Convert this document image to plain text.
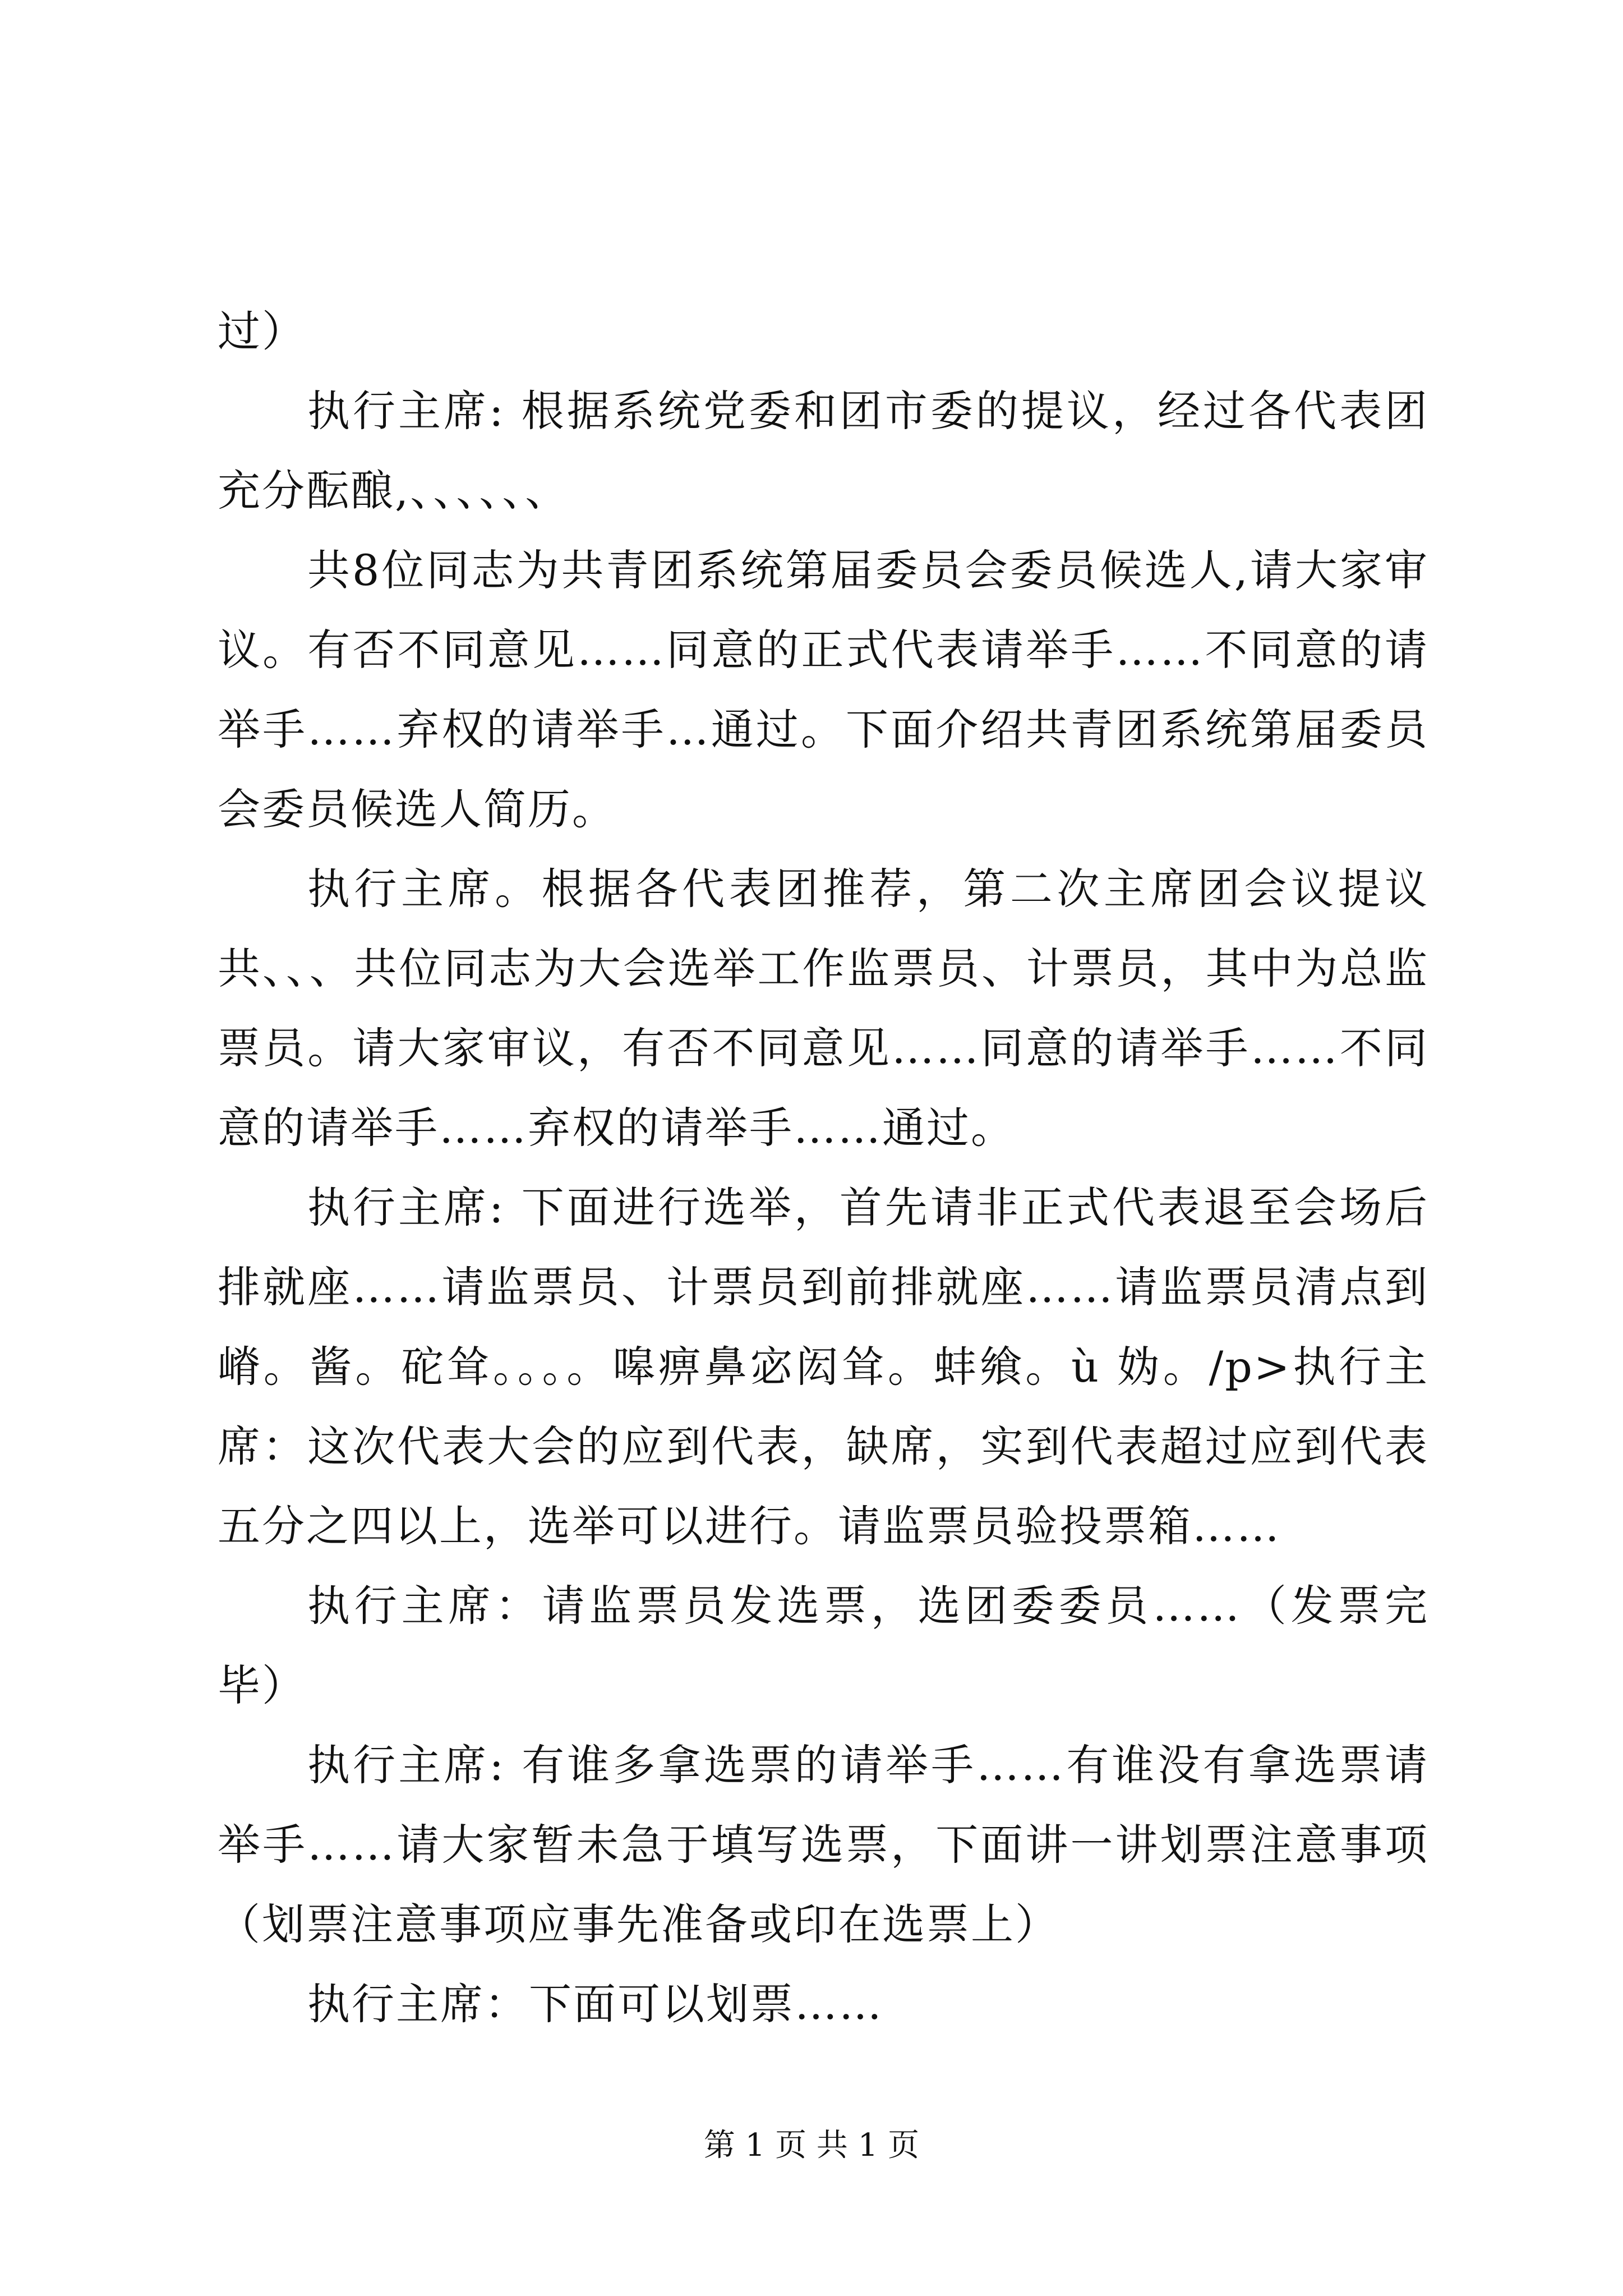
过）

执行主席: 根据系统党委和团市委的提议，经过各代表团充分酝酿,、、、、、、

共8位同志为共青团系统第届委员会委员候选人,请大家审议。有否不同意见……同意的正式代表请举手……不同意的请举手……弃权的请举手…通过。下面介绍共青团系统第届委员会委员候选人简历。

执行主席。根据各代表团推荐，第二次主席团会议提议共、、、共位同志为大会选举工作监票员、计票员，其中为总监票员。请大家审议，有否不同意见……同意的请举手……不同意的请举手……弃权的请举手……通过。

执行主席: 下面进行选举，首先请非正式代表退至会场后排就座……请监票员、计票员到前排就座……请监票员清点到嵴。酱。砣耸。。。。嗥痹鼻宓闳耸。蚌飨。ù 妫。/p>执行主席：这次代表大会的应到代表，缺席，实到代表超过应到代表五分之四以上，选举可以进行。请监票员验投票箱……

执行主席：请监票员发选票，选团委委员……（发票完毕）

执行主席: 有谁多拿选票的请举手……有谁没有拿选票请举手……请大家暂未急于填写选票，下面讲一讲划票注意事项（划票注意事项应事先准备或印在选票上）

执行主席：下面可以划票……

第 1 页 共 1 页
